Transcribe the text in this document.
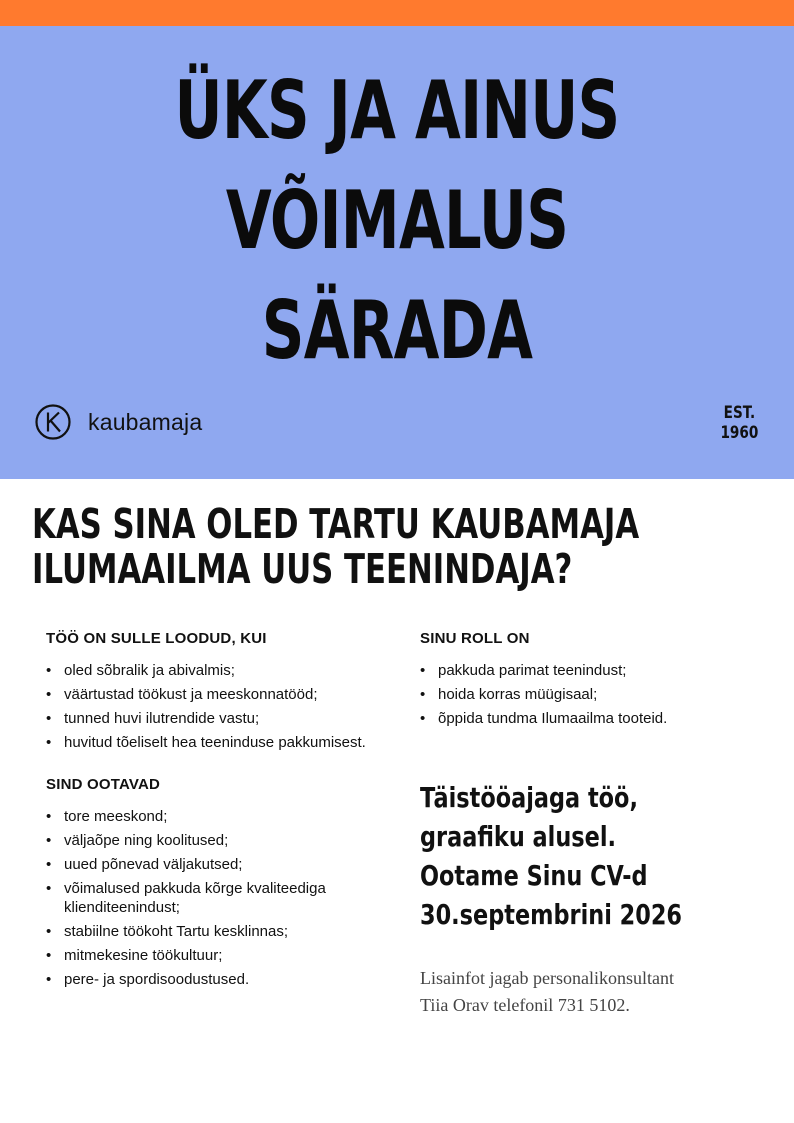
ÜKS JA AINUS
VÕIMALUS
SÄRADA
kaubamaja	EST.
1960
KAS SINA OLED TARTU KAUBAMAJA
ILUMAAILMA UUS TEENINDAJA?
TÖÖ ON SULLE LOODUD, KUI
• oled sõbralik ja abivalmis;
• väärtustad töökust ja meeskonnatööd;
• tunned huvi ilutrendide vastu;
• huvitud tõeliselt hea teeninduse pakkumisest.
SIND OOTAVAD
• tore meeskond;
• väljaõpe ning koolitused;
• uued põnevad väljakutsed;
• võimalused pakkuda kõrge kvaliteediga klienditeenindust;
• stabiilne töökoht Tartu kesklinnas;
• mitmekesine töökultuur;
• pere- ja spordisoodustused.
SINU ROLL ON
• pakkuda parimat teenindust;
• hoida korras müügisaal;
• õppida tundma Ilumaailma tooteid.

Täistööajaga töö,
graafiku alusel.
Ootame Sinu CV-d
30.septembrini 2026

Lisainfot jagab personalikonsultant
Tiia Orav telefonil 731 5102.
